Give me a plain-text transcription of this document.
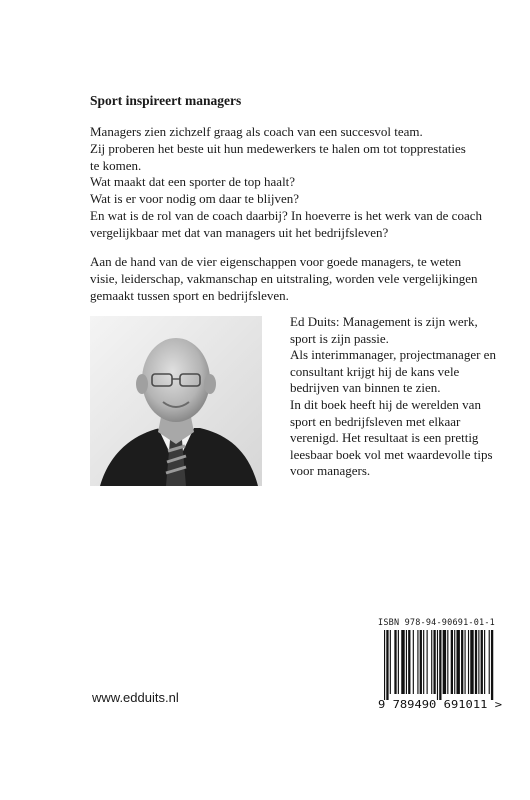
Sport inspireert managers
Managers zien zichzelf graag als coach van een succesvol team.
Zij proberen het beste uit hun medewerkers te halen om tot topprestaties
te komen.
Wat maakt dat een sporter de top haalt?
Wat is er voor nodig om daar te blijven?
En wat is de rol van de coach daarbij? In hoeverre is het werk van de coach
vergelijkbaar met dat van managers uit het bedrijfsleven?
Aan de hand van de vier eigenschappen voor goede managers, te weten
visie, leiderschap, vakmanschap en uitstraling, worden vele vergelijkingen
gemaakt tussen sport en bedrijfsleven.
Ed Duits: Management is zijn werk,
sport is zijn passie.
Als interimmanager, projectmanager en
consultant krijgt hij de kans vele
bedrijven van binnen te zien.
In dit boek heeft hij de werelden van
sport en bedrijfsleven met elkaar
verenigd. Het resultaat is een prettig
leesbaar boek vol met waardevolle tips
voor managers.
ISBN 978-94-90691-01-1
9 789490 691011 >
www.edduits.nl
